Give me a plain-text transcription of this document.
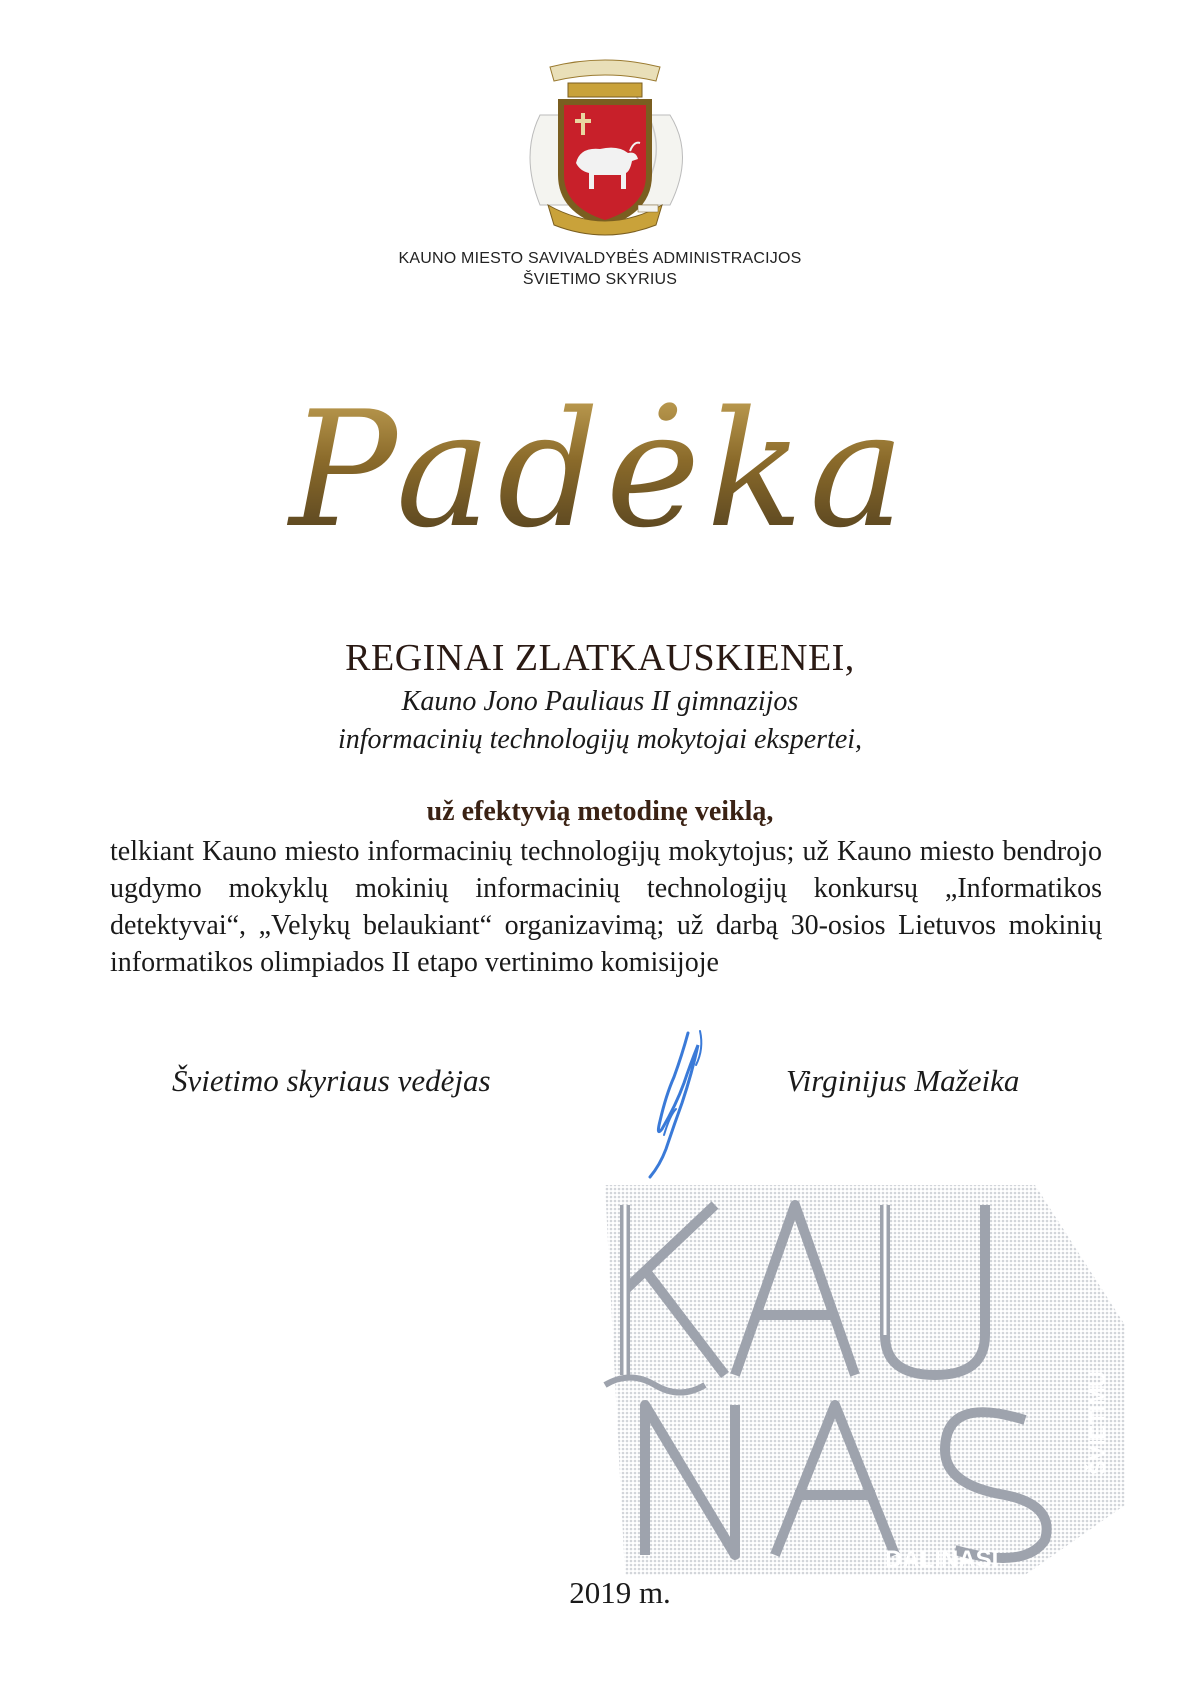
KAUNO MIESTO SAVIVALDYBĖS ADMINISTRACIJOS
ŠVIETIMO SKYRIUS
Padėka
REGINAI ZLATKAUSKIENEI,
Kauno Jono Pauliaus II gimnazijos
informacinių technologijų mokytojai ekspertei,
už efektyvią metodinę veiklą,
telkiant Kauno miesto informacinių technologijų mokytojus; už Kauno miesto bendrojo ugdymo mokyklų mokinių informacinių technologijų konkursų „Informatikos detektyvai“, „Velykų belaukiant“ organizavimą; už darbą 30-osios Lietuvos mokinių informatikos olimpiados II etapo vertinimo komisijoje
Švietimo skyriaus vedėjas	Virginijus Mažeika
ŠVIETIMU
DALINASI
2019 m.
